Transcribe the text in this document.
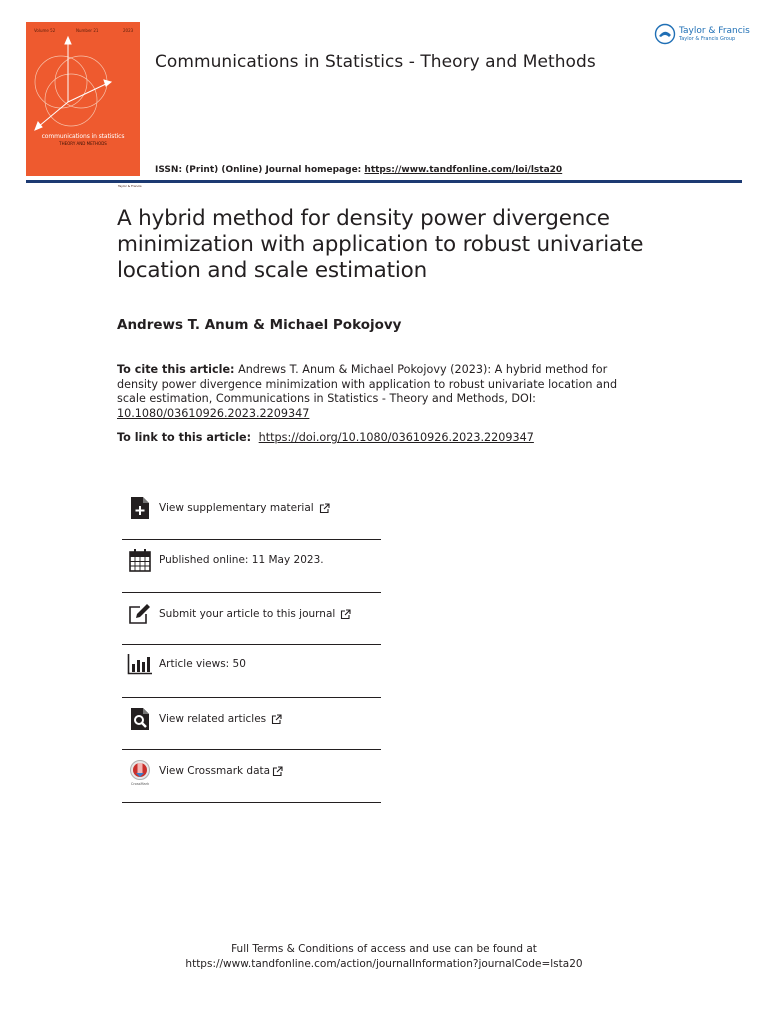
Volume 52	Number 21	2023
communications in statistics
THEORY AND METHODS
Taylor & Francis
Communications in Statistics - Theory and Methods
Taylor & Francis
Taylor & Francis Group
ISSN: (Print) (Online) Journal homepage: https://www.tandfonline.com/loi/lsta20
A hybrid method for density power divergence minimization with application to robust univariate location and scale estimation
Andrews T. Anum & Michael Pokojovy
To cite this article: Andrews T. Anum & Michael Pokojovy (2023): A hybrid method for density power divergence minimization with application to robust univariate location and scale estimation, Communications in Statistics - Theory and Methods, DOI: 10.1080/03610926.2023.2209347
To link to this article: https://doi.org/10.1080/03610926.2023.2209347
View supplementary material
Published online: 11 May 2023.
Submit your article to this journal
Article views: 50
View related articles
CrossMark
View Crossmark data
Full Terms & Conditions of access and use can be found at
https://www.tandfonline.com/action/journalInformation?journalCode=lsta20
